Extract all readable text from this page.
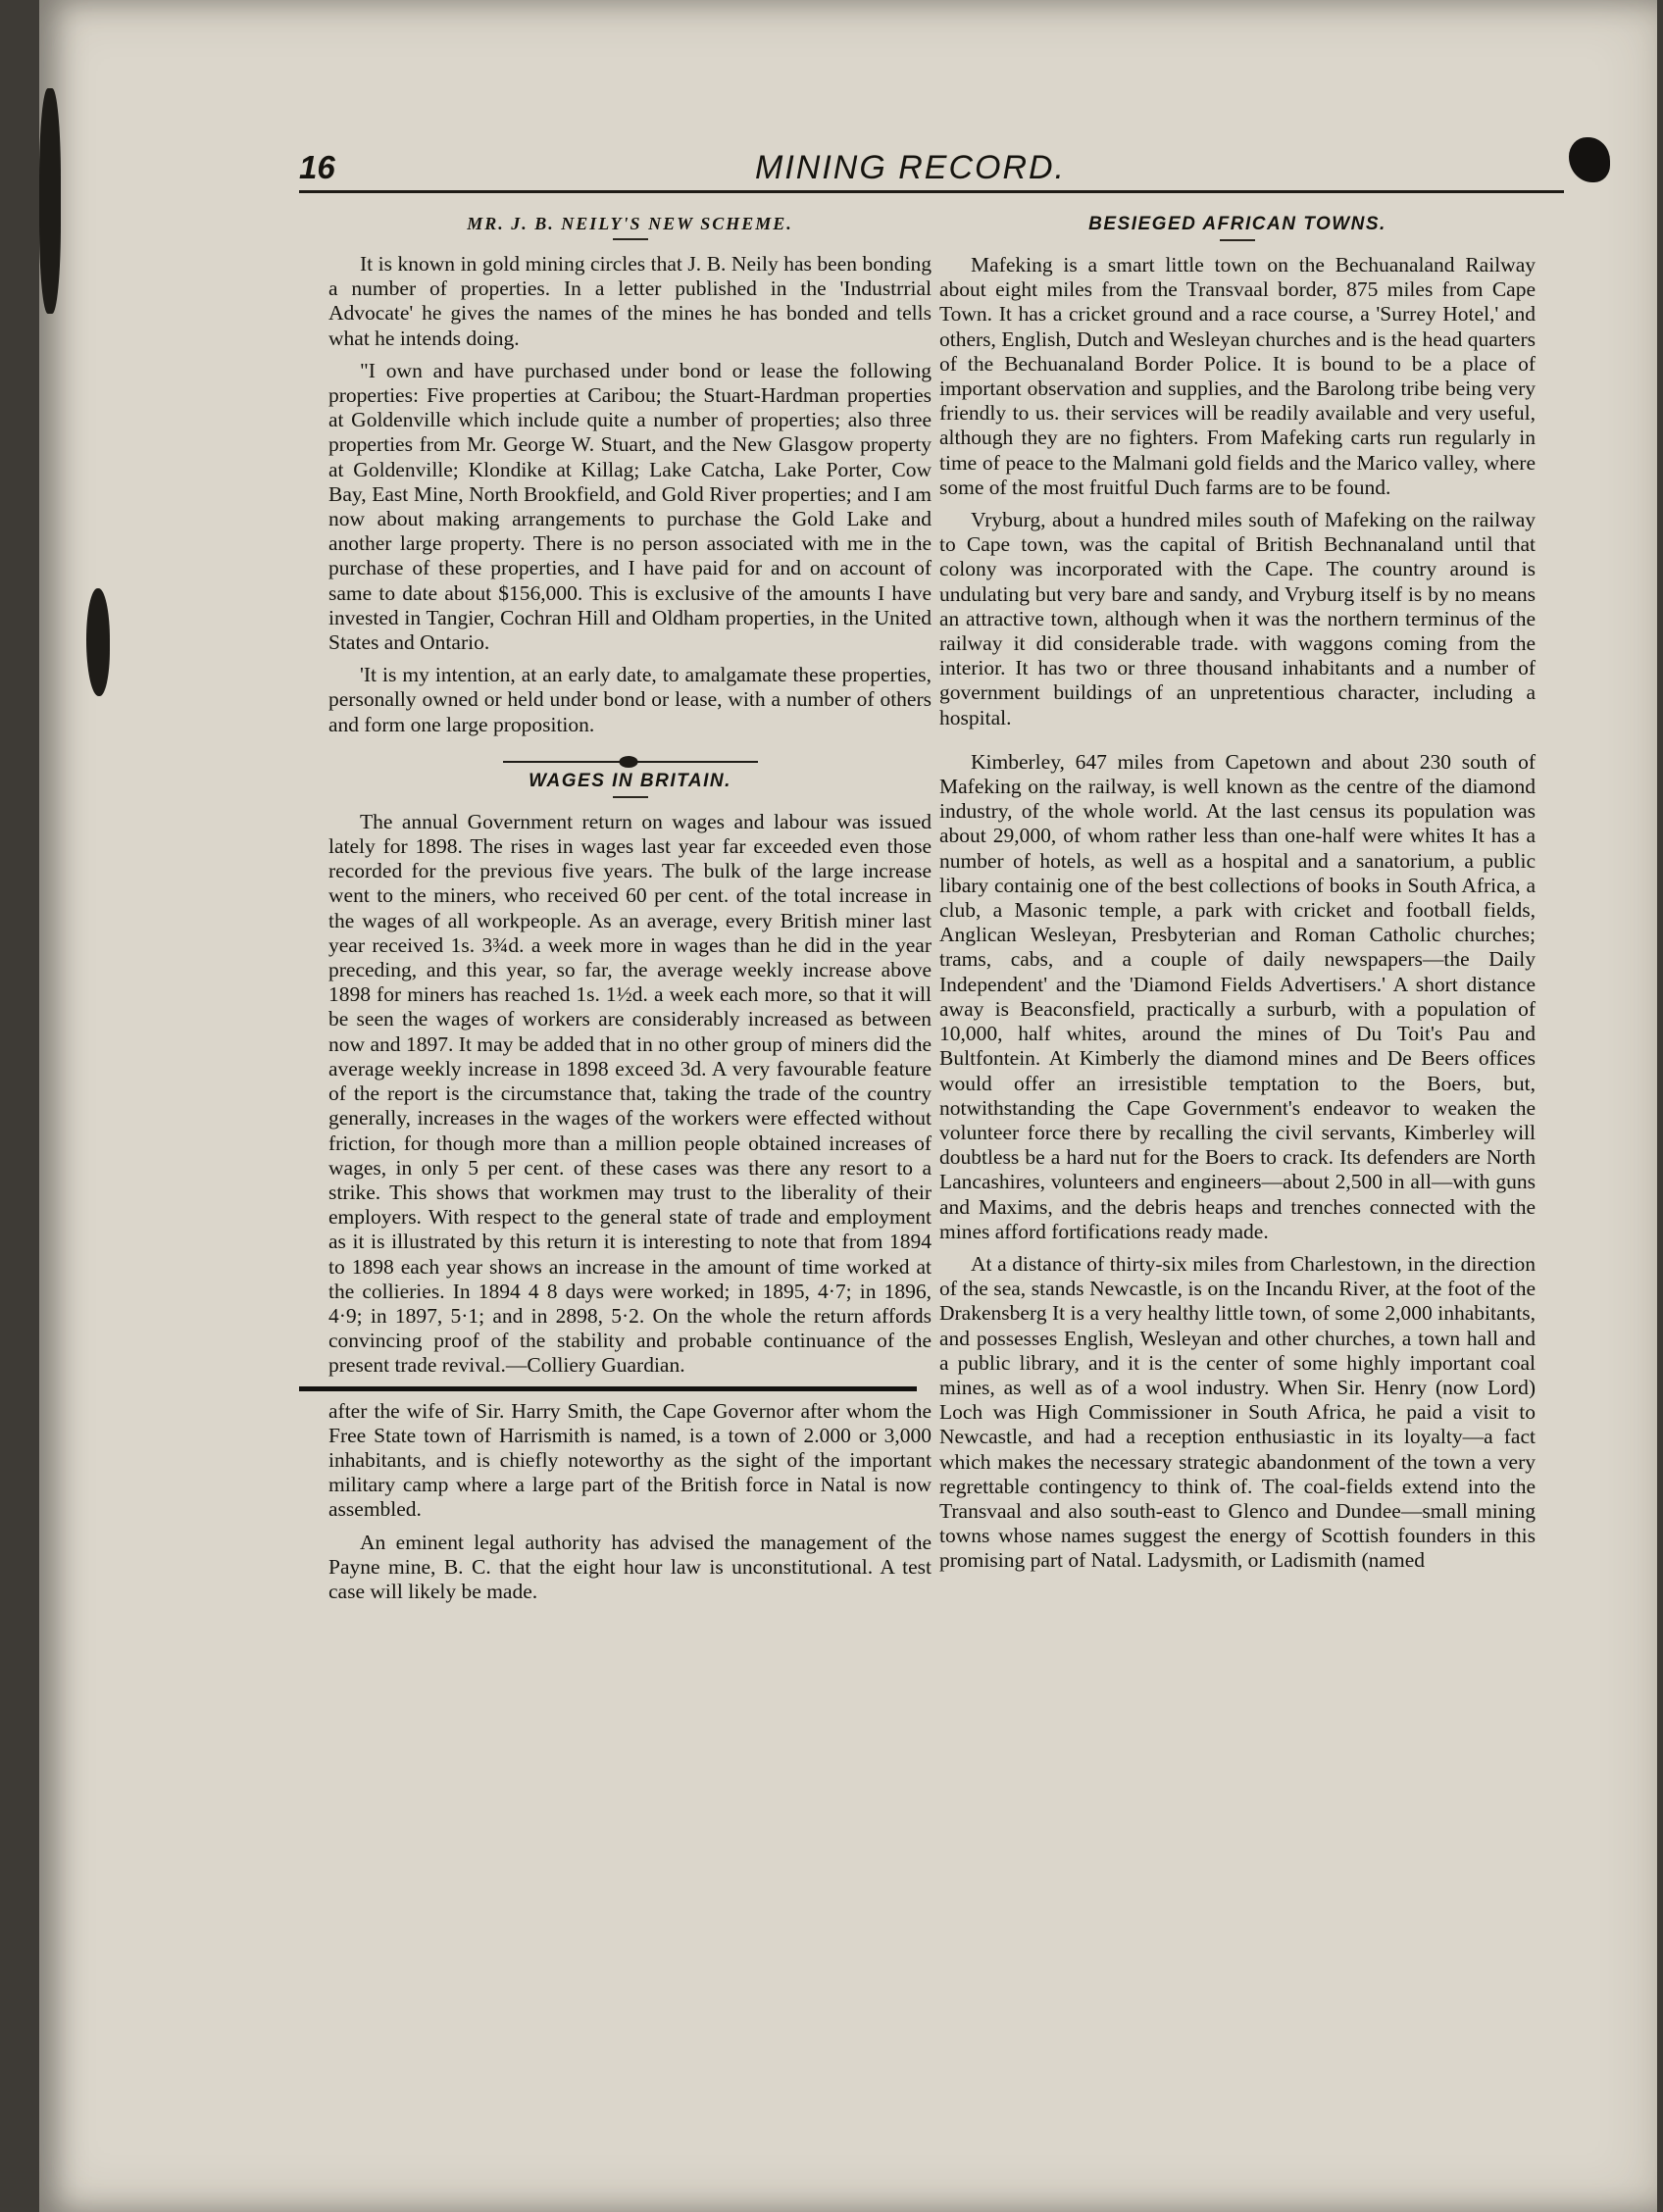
16	MINING RECORD.
MR. J. B. NEILY'S NEW SCHEME.

It is known in gold mining circles that J. B. Neily has been bonding a number of properties. In a letter published in the 'Industrrial Advocate' he gives the names of the mines he has bonded and tells what he intends doing.

"I own and have purchased under bond or lease the following properties: Five properties at Caribou; the Stuart-Hardman properties at Goldenville which include quite a number of properties; also three properties from Mr. George W. Stuart, and the New Glasgow property at Goldenville; Klondike at Killag; Lake Catcha, Lake Porter, Cow Bay, East Mine, North Brookfield, and Gold River properties; and I am now about making arrangements to purchase the Gold Lake and another large property. There is no person associated with me in the purchase of these properties, and I have paid for and on account of same to date about $156,000. This is exclusive of the amounts I have invested in Tangier, Cochran Hill and Oldham properties, in the United States and Ontario.

'It is my intention, at an early date, to amalgamate these properties, personally owned or held under bond or lease, with a number of others and form one large proposition.

WAGES IN BRITAIN.

The annual Government return on wages and labour was issued lately for 1898. The rises in wages last year far exceeded even those recorded for the previous five years. The bulk of the large increase went to the miners, who received 60 per cent. of the total increase in the wages of all workpeople. As an average, every British miner last year received 1s. 3¾d. a week more in wages than he did in the year preceding, and this year, so far, the average weekly increase above 1898 for miners has reached 1s. 1½d. a week each more, so that it will be seen the wages of workers are considerably increased as between now and 1897. It may be added that in no other group of miners did the average weekly increase in 1898 exceed 3d. A very favourable feature of the report is the circumstance that, taking the trade of the country generally, increases in the wages of the workers were effected without friction, for though more than a million people obtained increases of wages, in only 5 per cent. of these cases was there any resort to a strike. This shows that workmen may trust to the liberality of their employers. With respect to the general state of trade and employment as it is illustrated by this return it is interesting to note that from 1894 to 1898 each year shows an increase in the amount of time worked at the collieries. In 1894 4 8 days were worked; in 1895, 4·7; in 1896, 4·9; in 1897, 5·1; and in 2898, 5·2. On the whole the return affords convincing proof of the stability and probable continuance of the present trade revival.—Colliery Guardian.

after the wife of Sir. Harry Smith, the Cape Governor after whom the Free State town of Harrismith is named, is a town of 2.000 or 3,000 inhabitants, and is chiefly noteworthy as the sight of the important military camp where a large part of the British force in Natal is now assembled.

An eminent legal authority has advised the management of the Payne mine, B. C. that the eight hour law is unconstitutional. A test case will likely be made.

BESIEGED AFRICAN TOWNS.

Mafeking is a smart little town on the Bechuanaland Railway about eight miles from the Transvaal border, 875 miles from Cape Town. It has a cricket ground and a race course, a 'Surrey Hotel,' and others, English, Dutch and Wesleyan churches and is the head quarters of the Bechuanaland Border Police. It is bound to be a place of important observation and supplies, and the Barolong tribe being very friendly to us. their services will be readily available and very useful, although they are no fighters. From Mafeking carts run regularly in time of peace to the Malmani gold fields and the Marico valley, where some of the most fruitful Duch farms are to be found.

Vryburg, about a hundred miles south of Mafeking on the railway to Cape town, was the capital of British Bechnanaland until that colony was incorporated with the Cape. The country around is undulating but very bare and sandy, and Vryburg itself is by no means an attractive town, although when it was the northern terminus of the railway it did considerable trade. with waggons coming from the interior. It has two or three thousand inhabitants and a number of government buildings of an unpretentious character, including a hospital.

Kimberley, 647 miles from Capetown and about 230 south of Mafeking on the railway, is well known as the centre of the diamond industry, of the whole world. At the last census its population was about 29,000, of whom rather less than one-half were whites It has a number of hotels, as well as a hospital and a sanatorium, a public libary containig one of the best collections of books in South Africa, a club, a Masonic temple, a park with cricket and football fields, Anglican Wesleyan, Presbyterian and Roman Catholic churches; trams, cabs, and a couple of daily newspapers—the Daily Independent' and the 'Diamond Fields Advertisers.' A short distance away is Beaconsfield, practically a surburb, with a population of 10,000, half whites, around the mines of Du Toit's Pau and Bultfontein. At Kimberly the diamond mines and De Beers offices would offer an irresistible temptation to the Boers, but, notwithstanding the Cape Government's endeavor to weaken the volunteer force there by recalling the civil servants, Kimberley will doubtless be a hard nut for the Boers to crack. Its defenders are North Lancashires, volunteers and engineers—about 2,500 in all—with guns and Maxims, and the debris heaps and trenches connected with the mines afford fortifications ready made.

At a distance of thirty-six miles from Charlestown, in the direction of the sea, stands Newcastle, is on the Incandu River, at the foot of the Drakensberg It is a very healthy little town, of some 2,000 inhabitants, and possesses English, Wesleyan and other churches, a town hall and a public library, and it is the center of some highly important coal mines, as well as of a wool industry. When Sir. Henry (now Lord) Loch was High Commissioner in South Africa, he paid a visit to Newcastle, and had a reception enthusiastic in its loyalty—a fact which makes the necessary strategic abandonment of the town a very regrettable contingency to think of. The coal-fields extend into the Transvaal and also south-east to Glenco and Dundee—small mining towns whose names suggest the energy of Scottish founders in this promising part of Natal. Ladysmith, or Ladismith (named
